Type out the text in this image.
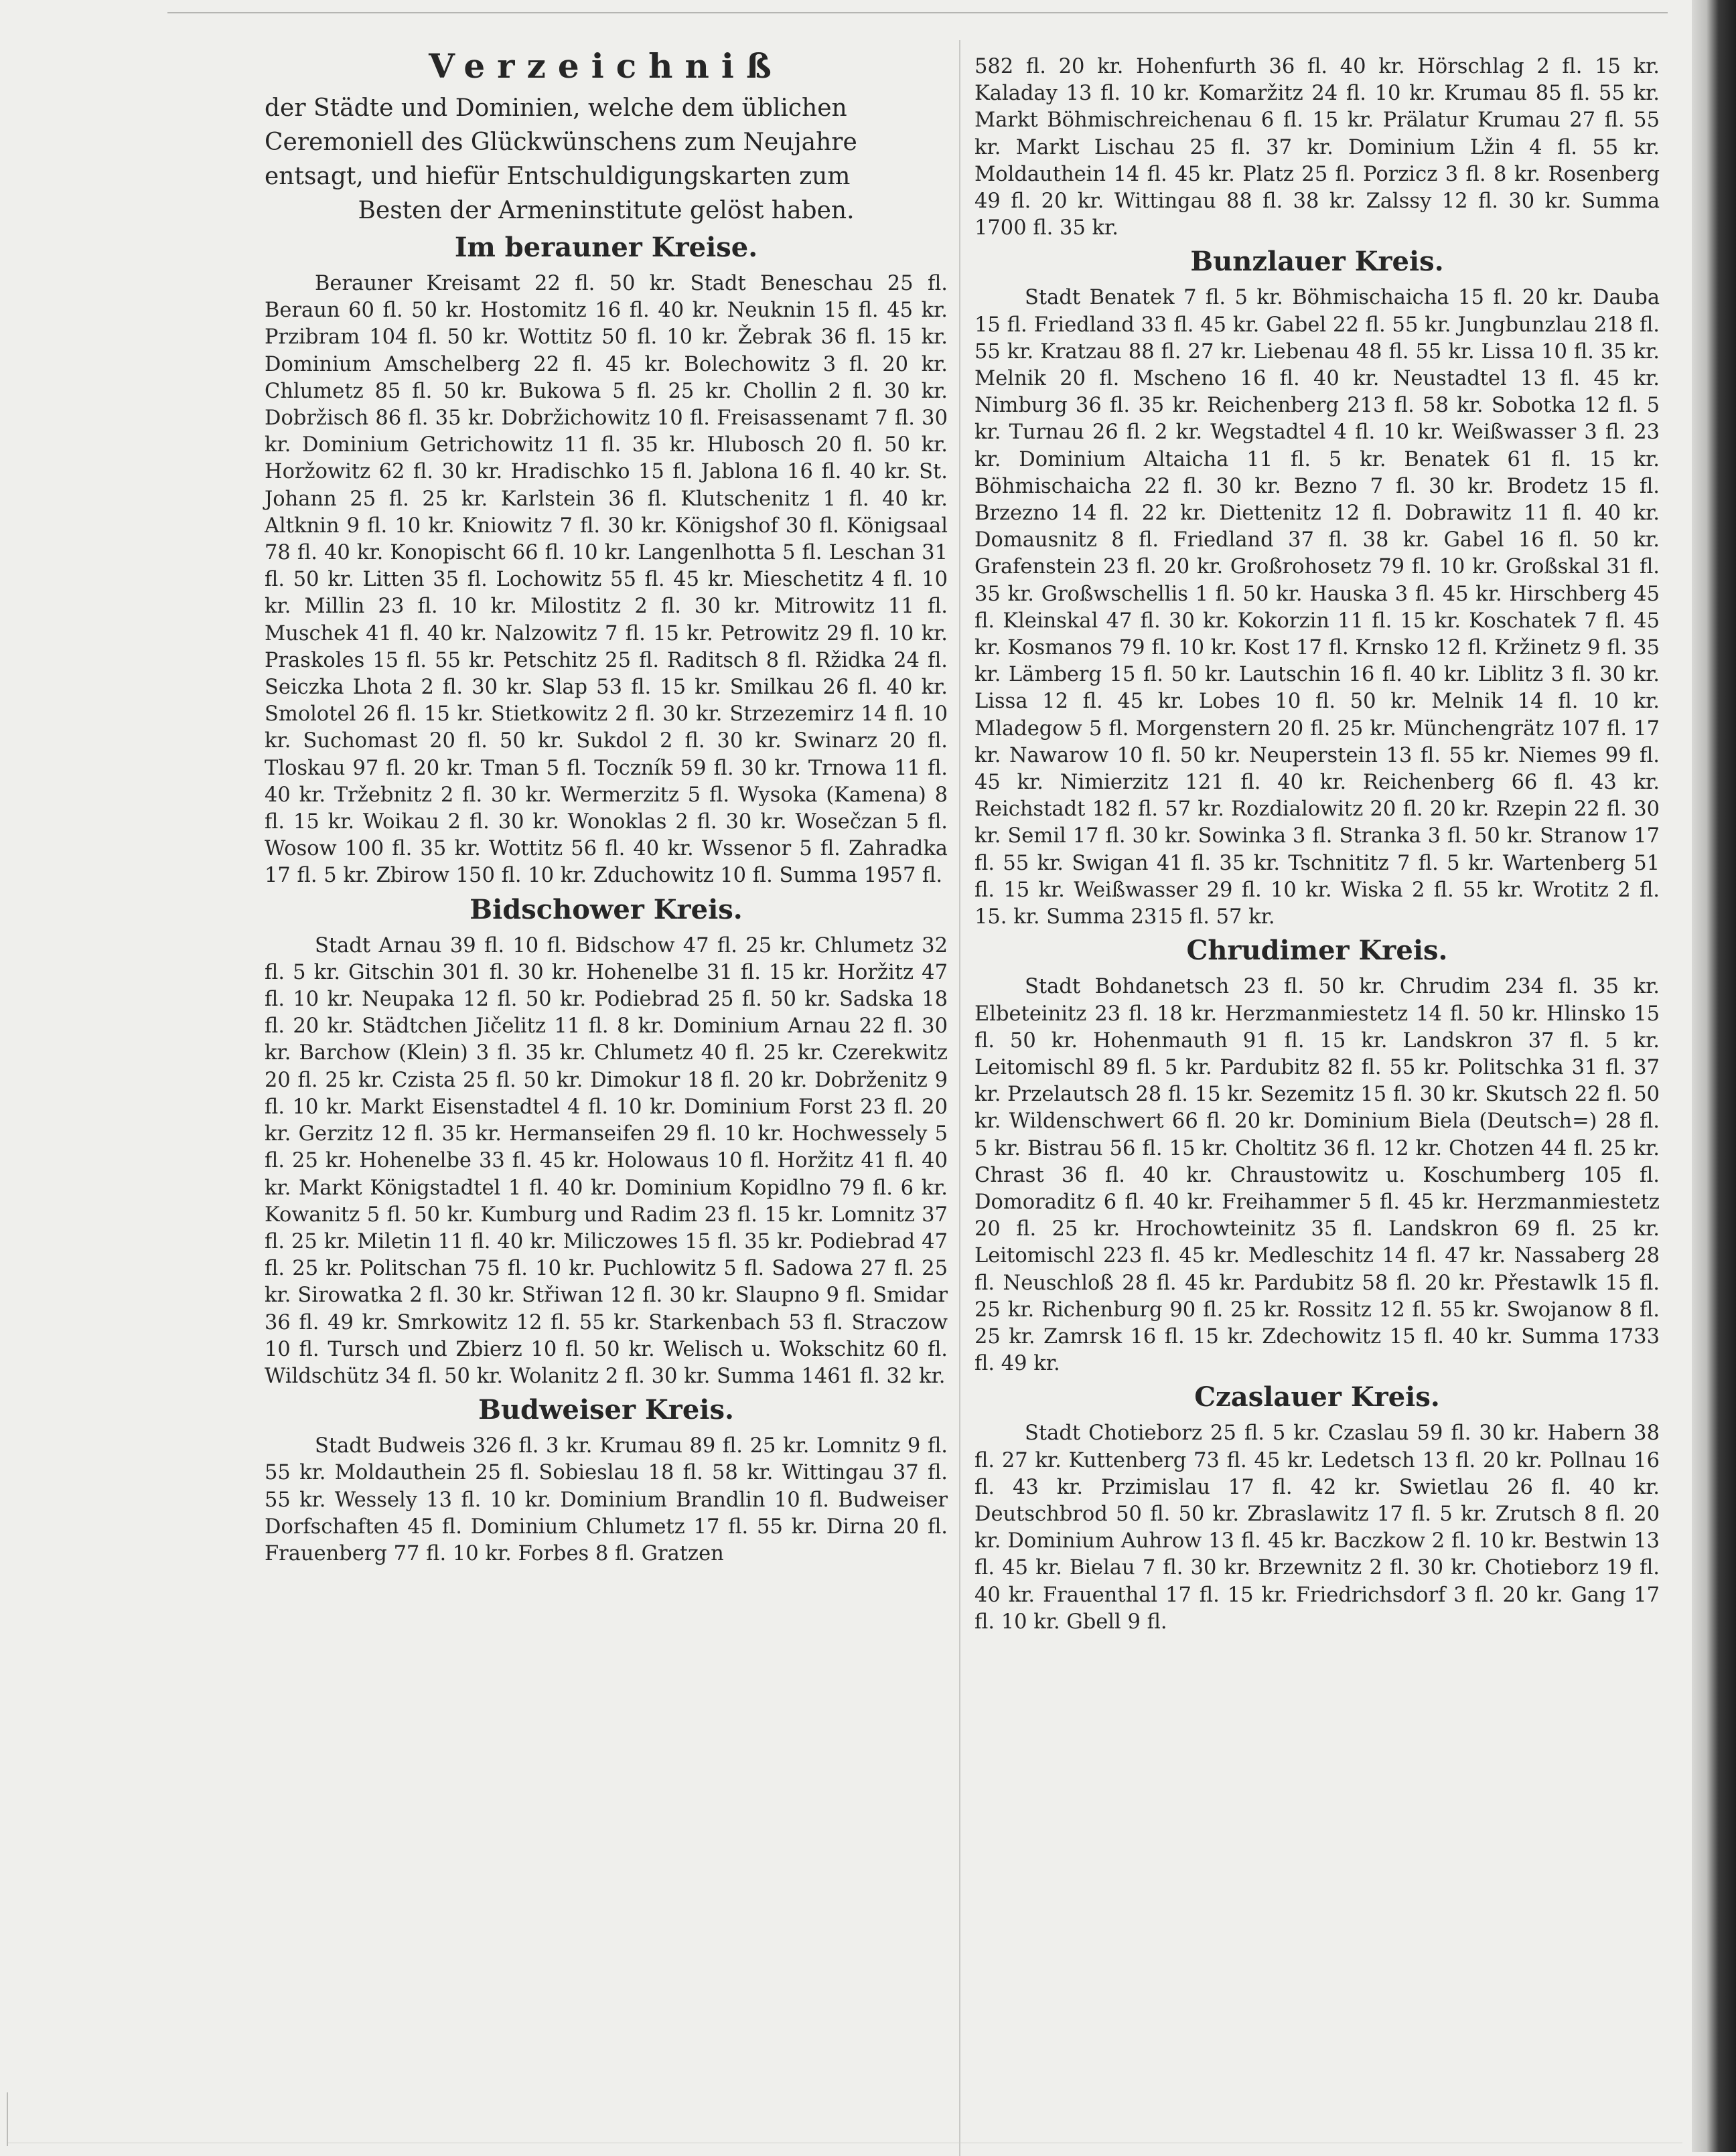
Verzeichniß

der Städte und Dominien, welche dem üblichen

Ceremoniell des Glückwünschens zum Neujahre

entsagt, und hiefür Entschuldigungskarten zum

Besten der Armeninstitute gelöst haben.

Im berauner Kreise.

Berauner Kreisamt 22 fl. 50 kr. Stadt Beneschau 25 fl. Beraun 60 fl. 50 kr. Hostomitz 16 fl. 40 kr. Neuknin 15 fl. 45 kr. Przibram 104 fl. 50 kr. Wottitz 50 fl. 10 kr. Žebrak 36 fl. 15 kr. Dominium Amschelberg 22 fl. 45 kr. Bolechowitz 3 fl. 20 kr. Chlumetz 85 fl. 50 kr. Bukowa 5 fl. 25 kr. Chollin 2 fl. 30 kr. Dobržisch 86 fl. 35 kr. Dobržichowitz 10 fl. Freisassenamt 7 fl. 30 kr. Dominium Getrichowitz 11 fl. 35 kr. Hlubosch 20 fl. 50 kr. Horžowitz 62 fl. 30 kr. Hradischko 15 fl. Jablona 16 fl. 40 kr. St. Johann 25 fl. 25 kr. Karlstein 36 fl. Klutschenitz 1 fl. 40 kr. Altknin 9 fl. 10 kr. Kniowitz 7 fl. 30 kr. Königshof 30 fl. Königsaal 78 fl. 40 kr. Konopischt 66 fl. 10 kr. Langenlhotta 5 fl. Leschan 31 fl. 50 kr. Litten 35 fl. Lochowitz 55 fl. 45 kr. Mieschetitz 4 fl. 10 kr. Millin 23 fl. 10 kr. Milostitz 2 fl. 30 kr. Mitrowitz 11 fl. Muschek 41 fl. 40 kr. Nalzowitz 7 fl. 15 kr. Petrowitz 29 fl. 10 kr. Praskoles 15 fl. 55 kr. Petschitz 25 fl. Raditsch 8 fl. Ržidka 24 fl. Seiczka Lhota 2 fl. 30 kr. Slap 53 fl. 15 kr. Smilkau 26 fl. 40 kr. Smolotel 26 fl. 15 kr. Stietkowitz 2 fl. 30 kr. Strzezemirz 14 fl. 10 kr. Suchomast 20 fl. 50 kr. Sukdol 2 fl. 30 kr. Swinarz 20 fl. Tloskau 97 fl. 20 kr. Tman 5 fl. Toczník 59 fl. 30 kr. Trnowa 11 fl. 40 kr. Tržebnitz 2 fl. 30 kr. Wermerzitz 5 fl. Wysoka (Kamena) 8 fl. 15 kr. Woikau 2 fl. 30 kr. Wonoklas 2 fl. 30 kr. Wosečzan 5 fl. Wosow 100 fl. 35 kr. Wottitz 56 fl. 40 kr. Wssenor 5 fl. Zahradka 17 fl. 5 kr. Zbirow 150 fl. 10 kr. Zduchowitz 10 fl. Summa 1957 fl.

Bidschower Kreis.

Stadt Arnau 39 fl. 10 fl. Bidschow 47 fl. 25 kr. Chlumetz 32 fl. 5 kr. Gitschin 301 fl. 30 kr. Hohenelbe 31 fl. 15 kr. Horžitz 47 fl. 10 kr. Neupaka 12 fl. 50 kr. Podiebrad 25 fl. 50 kr. Sadska 18 fl. 20 kr. Städtchen Jičelitz 11 fl. 8 kr. Dominium Arnau 22 fl. 30 kr. Barchow (Klein) 3 fl. 35 kr. Chlumetz 40 fl. 25 kr. Czerekwitz 20 fl. 25 kr. Czista 25 fl. 50 kr. Dimokur 18 fl. 20 kr. Dobrženitz 9 fl. 10 kr. Markt Eisenstadtel 4 fl. 10 kr. Dominium Forst 23 fl. 20 kr. Gerzitz 12 fl. 35 kr. Hermanseifen 29 fl. 10 kr. Hochwessely 5 fl. 25 kr. Hohenelbe 33 fl. 45 kr. Holowaus 10 fl. Horžitz 41 fl. 40 kr. Markt Königstadtel 1 fl. 40 kr. Dominium Kopidlno 79 fl. 6 kr. Kowanitz 5 fl. 50 kr. Kumburg und Radim 23 fl. 15 kr. Lomnitz 37 fl. 25 kr. Miletin 11 fl. 40 kr. Miliczowes 15 fl. 35 kr. Podiebrad 47 fl. 25 kr. Politschan 75 fl. 10 kr. Puchlowitz 5 fl. Sadowa 27 fl. 25 kr. Sirowatka 2 fl. 30 kr. Střiwan 12 fl. 30 kr. Slaupno 9 fl. Smidar 36 fl. 49 kr. Smrkowitz 12 fl. 55 kr. Starkenbach 53 fl. Straczow 10 fl. Tursch und Zbierz 10 fl. 50 kr. Welisch u. Wokschitz 60 fl. Wildschütz 34 fl. 50 kr. Wolanitz 2 fl. 30 kr. Summa 1461 fl. 32 kr.

Budweiser Kreis.

Stadt Budweis 326 fl. 3 kr. Krumau 89 fl. 25 kr. Lomnitz 9 fl. 55 kr. Moldauthein 25 fl. Sobieslau 18 fl. 58 kr. Wittingau 37 fl. 55 kr. Wessely 13 fl. 10 kr. Dominium Brandlin 10 fl. Budweiser Dorfschaften 45 fl. Dominium Chlumetz 17 fl. 55 kr. Dirna 20 fl. Frauenberg 77 fl. 10 kr. Forbes 8 fl. Gratzen

582 fl. 20 kr. Hohenfurth 36 fl. 40 kr. Hörschlag 2 fl. 15 kr. Kaladay 13 fl. 10 kr. Komaržitz 24 fl. 10 kr. Krumau 85 fl. 55 kr. Markt Böhmischreichenau 6 fl. 15 kr. Prälatur Krumau 27 fl. 55 kr. Markt Lischau 25 fl. 37 kr. Dominium Lžin 4 fl. 55 kr. Moldauthein 14 fl. 45 kr. Platz 25 fl. Porzicz 3 fl. 8 kr. Rosenberg 49 fl. 20 kr. Wittingau 88 fl. 38 kr. Zalssy 12 fl. 30 kr. Summa 1700 fl. 35 kr.

Bunzlauer Kreis.

Stadt Benatek 7 fl. 5 kr. Böhmischaicha 15 fl. 20 kr. Dauba 15 fl. Friedland 33 fl. 45 kr. Gabel 22 fl. 55 kr. Jungbunzlau 218 fl. 55 kr. Kratzau 88 fl. 27 kr. Liebenau 48 fl. 55 kr. Lissa 10 fl. 35 kr. Melnik 20 fl. Mscheno 16 fl. 40 kr. Neustadtel 13 fl. 45 kr. Nimburg 36 fl. 35 kr. Reichenberg 213 fl. 58 kr. Sobotka 12 fl. 5 kr. Turnau 26 fl. 2 kr. Wegstadtel 4 fl. 10 kr. Weißwasser 3 fl. 23 kr. Dominium Altaicha 11 fl. 5 kr. Benatek 61 fl. 15 kr. Böhmischaicha 22 fl. 30 kr. Bezno 7 fl. 30 kr. Brodetz 15 fl. Brzezno 14 fl. 22 kr. Diettenitz 12 fl. Dobrawitz 11 fl. 40 kr. Domausnitz 8 fl. Friedland 37 fl. 38 kr. Gabel 16 fl. 50 kr. Grafenstein 23 fl. 20 kr. Großrohosetz 79 fl. 10 kr. Großskal 31 fl. 35 kr. Großwschellis 1 fl. 50 kr. Hauska 3 fl. 45 kr. Hirschberg 45 fl. Kleinskal 47 fl. 30 kr. Kokorzin 11 fl. 15 kr. Koschatek 7 fl. 45 kr. Kosmanos 79 fl. 10 kr. Kost 17 fl. Krnsko 12 fl. Kržinetz 9 fl. 35 kr. Lämberg 15 fl. 50 kr. Lautschin 16 fl. 40 kr. Liblitz 3 fl. 30 kr. Lissa 12 fl. 45 kr. Lobes 10 fl. 50 kr. Melnik 14 fl. 10 kr. Mladegow 5 fl. Morgenstern 20 fl. 25 kr. Münchengrätz 107 fl. 17 kr. Nawarow 10 fl. 50 kr. Neuperstein 13 fl. 55 kr. Niemes 99 fl. 45 kr. Nimierzitz 121 fl. 40 kr. Reichenberg 66 fl. 43 kr. Reichstadt 182 fl. 57 kr. Rozdialowitz 20 fl. 20 kr. Rzepin 22 fl. 30 kr. Semil 17 fl. 30 kr. Sowinka 3 fl. Stranka 3 fl. 50 kr. Stranow 17 fl. 55 kr. Swigan 41 fl. 35 kr. Tschnititz 7 fl. 5 kr. Wartenberg 51 fl. 15 kr. Weißwasser 29 fl. 10 kr. Wiska 2 fl. 55 kr. Wrotitz 2 fl. 15. kr. Summa 2315 fl. 57 kr.

Chrudimer Kreis.

Stadt Bohdanetsch 23 fl. 50 kr. Chrudim 234 fl. 35 kr. Elbeteinitz 23 fl. 18 kr. Herzmanmiestetz 14 fl. 50 kr. Hlinsko 15 fl. 50 kr. Hohenmauth 91 fl. 15 kr. Landskron 37 fl. 5 kr. Leitomischl 89 fl. 5 kr. Pardubitz 82 fl. 55 kr. Politschka 31 fl. 37 kr. Przelautsch 28 fl. 15 kr. Sezemitz 15 fl. 30 kr. Skutsch 22 fl. 50 kr. Wildenschwert 66 fl. 20 kr. Dominium Biela (Deutsch=) 28 fl. 5 kr. Bistrau 56 fl. 15 kr. Choltitz 36 fl. 12 kr. Chotzen 44 fl. 25 kr. Chrast 36 fl. 40 kr. Chraustowitz u. Koschumberg 105 fl. Domoraditz 6 fl. 40 kr. Freihammer 5 fl. 45 kr. Herzmanmiestetz 20 fl. 25 kr. Hrochowteinitz 35 fl. Landskron 69 fl. 25 kr. Leitomischl 223 fl. 45 kr. Medleschitz 14 fl. 47 kr. Nassaberg 28 fl. Neuschloß 28 fl. 45 kr. Pardubitz 58 fl. 20 kr. Přestawlk 15 fl. 25 kr. Richenburg 90 fl. 25 kr. Rossitz 12 fl. 55 kr. Swojanow 8 fl. 25 kr. Zamrsk 16 fl. 15 kr. Zdechowitz 15 fl. 40 kr. Summa 1733 fl. 49 kr.

Czaslauer Kreis.

Stadt Chotieborz 25 fl. 5 kr. Czaslau 59 fl. 30 kr. Habern 38 fl. 27 kr. Kuttenberg 73 fl. 45 kr. Ledetsch 13 fl. 20 kr. Pollnau 16 fl. 43 kr. Przimislau 17 fl. 42 kr. Swietlau 26 fl. 40 kr. Deutschbrod 50 fl. 50 kr. Zbraslawitz 17 fl. 5 kr. Zrutsch 8 fl. 20 kr. Dominium Auhrow 13 fl. 45 kr. Baczkow 2 fl. 10 kr. Bestwin 13 fl. 45 kr. Bielau 7 fl. 30 kr. Brzewnitz 2 fl. 30 kr. Chotieborz 19 fl. 40 kr. Frauenthal 17 fl. 15 kr. Friedrichsdorf 3 fl. 20 kr. Gang 17 fl. 10 kr. Gbell 9 fl.
